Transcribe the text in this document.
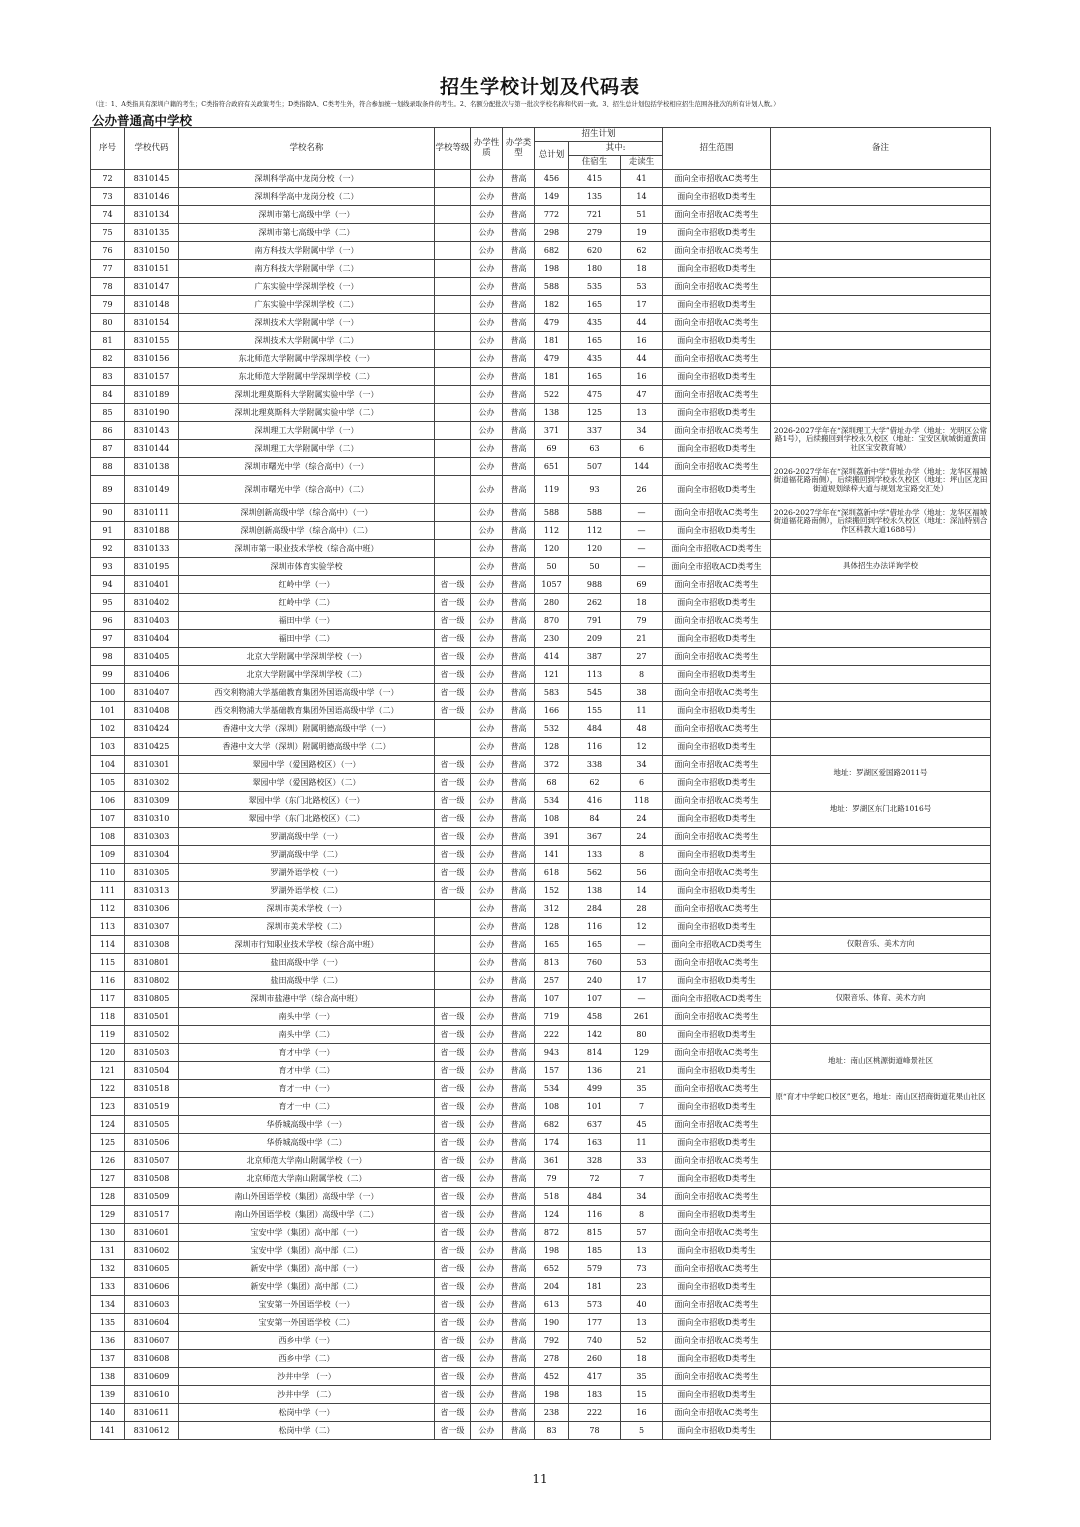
招生学校计划及代码表
（注：1、A类指具有深圳户籍的考生；C类指符合政府有关政策考生；D类指除A、C类考生外，符合参加统一划线录取条件的考生。2、名额分配批次与第一批次学校名称和代码一致。3、招生总计划包括学校相应招生范围各批次的所有计划人数。）
公办普通高中学校
序号	学校代码	学校名称	学校等级	办学性质	办学类型	招生计划			招生范围	备注
						总计划	其中:			
							住宿生	走读生		
72	8310145	深圳科学高中龙岗分校（一）		公办	普高	456	415	41	面向全市招收AC类考生	
73	8310146	深圳科学高中龙岗分校（二）		公办	普高	149	135	14	面向全市招收D类考生	
74	8310134	深圳市第七高级中学（一）		公办	普高	772	721	51	面向全市招收AC类考生	
75	8310135	深圳市第七高级中学（二）		公办	普高	298	279	19	面向全市招收D类考生	
76	8310150	南方科技大学附属中学（一）		公办	普高	682	620	62	面向全市招收AC类考生	
77	8310151	南方科技大学附属中学（二）		公办	普高	198	180	18	面向全市招收D类考生	
78	8310147	广东实验中学深圳学校（一）		公办	普高	588	535	53	面向全市招收AC类考生	
79	8310148	广东实验中学深圳学校（二）		公办	普高	182	165	17	面向全市招收D类考生	
80	8310154	深圳技术大学附属中学（一）		公办	普高	479	435	44	面向全市招收AC类考生	
81	8310155	深圳技术大学附属中学（二）		公办	普高	181	165	16	面向全市招收D类考生	
82	8310156	东北师范大学附属中学深圳学校（一）		公办	普高	479	435	44	面向全市招收AC类考生	
83	8310157	东北师范大学附属中学深圳学校（二）		公办	普高	181	165	16	面向全市招收D类考生	
84	8310189	深圳北理莫斯科大学附属实验中学（一）		公办	普高	522	475	47	面向全市招收AC类考生	
85	8310190	深圳北理莫斯科大学附属实验中学（二）		公办	普高	138	125	13	面向全市招收D类考生	
86	8310143	深圳理工大学附属中学（一）		公办	普高	371	337	34	面向全市招收AC类考生	2026-2027学年在“深圳理工大学”借址办学（地址：光明区公常路1号），后续搬回到学校永久校区（地址：宝安区航城街道黄田社区宝安教育城）
87	8310144	深圳理工大学附属中学（二）		公办	普高	69	63	6	面向全市招收D类考生	
88	8310138	深圳市曙光中学（综合高中）（一）		公办	普高	651	507	144	面向全市招收AC类考生	2026-2027学年在“深圳荔新中学”借址办学（地址：龙华区福城街道福花路南侧），后续搬回到学校永久校区（地址：坪山区龙田街道规划绿梓大道与规划龙宝路交汇处）
89	8310149	深圳市曙光中学（综合高中）（二）		公办	普高	119	93	26	面向全市招收D类考生	
90	8310111	深圳创新高级中学（综合高中）（一）		公办	普高	588	588	—	面向全市招收AC类考生	2026-2027学年在“深圳荔新中学”借址办学（地址：龙华区福城街道福花路南侧），后续搬回到学校永久校区（地址：深汕特别合作区科教大道1688号）
91	8310188	深圳创新高级中学（综合高中）（二）		公办	普高	112	112	—	面向全市招收D类考生	
92	8310133	深圳市第一职业技术学校（综合高中班）		公办	普高	120	120	—	面向全市招收ACD类考生	
93	8310195	深圳市体育实验学校		公办	普高	50	50	—	面向全市招收ACD类考生	具体招生办法详询学校
94	8310401	红岭中学（一）	省一级	公办	普高	1057	988	69	面向全市招收AC类考生	
95	8310402	红岭中学（二）	省一级	公办	普高	280	262	18	面向全市招收D类考生	
96	8310403	福田中学（一）	省一级	公办	普高	870	791	79	面向全市招收AC类考生	
97	8310404	福田中学（二）	省一级	公办	普高	230	209	21	面向全市招收D类考生	
98	8310405	北京大学附属中学深圳学校（一）	省一级	公办	普高	414	387	27	面向全市招收AC类考生	
99	8310406	北京大学附属中学深圳学校（二）	省一级	公办	普高	121	113	8	面向全市招收D类考生	
100	8310407	西交利物浦大学基础教育集团外国语高级中学（一）	省一级	公办	普高	583	545	38	面向全市招收AC类考生	
101	8310408	西交利物浦大学基础教育集团外国语高级中学（二）	省一级	公办	普高	166	155	11	面向全市招收D类考生	
102	8310424	香港中文大学（深圳）附属明德高级中学（一）		公办	普高	532	484	48	面向全市招收AC类考生	
103	8310425	香港中文大学（深圳）附属明德高级中学（二）		公办	普高	128	116	12	面向全市招收D类考生	
104	8310301	翠园中学（爱国路校区）（一）	省一级	公办	普高	372	338	34	面向全市招收AC类考生	地址：罗湖区爱国路2011号
105	8310302	翠园中学（爱国路校区）（二）	省一级	公办	普高	68	62	6	面向全市招收D类考生	
106	8310309	翠园中学（东门北路校区）（一）	省一级	公办	普高	534	416	118	面向全市招收AC类考生	地址：罗湖区东门北路1016号
107	8310310	翠园中学（东门北路校区）（二）	省一级	公办	普高	108	84	24	面向全市招收D类考生	
108	8310303	罗湖高级中学（一）	省一级	公办	普高	391	367	24	面向全市招收AC类考生	
109	8310304	罗湖高级中学（二）	省一级	公办	普高	141	133	8	面向全市招收D类考生	
110	8310305	罗湖外语学校（一）	省一级	公办	普高	618	562	56	面向全市招收AC类考生	
111	8310313	罗湖外语学校（二）	省一级	公办	普高	152	138	14	面向全市招收D类考生	
112	8310306	深圳市美术学校（一）		公办	普高	312	284	28	面向全市招收AC类考生	
113	8310307	深圳市美术学校（二）		公办	普高	128	116	12	面向全市招收D类考生	
114	8310308	深圳市行知职业技术学校（综合高中班）		公办	普高	165	165	—	面向全市招收ACD类考生	仅限音乐、美术方向
115	8310801	盐田高级中学（一）		公办	普高	813	760	53	面向全市招收AC类考生	
116	8310802	盐田高级中学（二）		公办	普高	257	240	17	面向全市招收D类考生	
117	8310805	深圳市盐港中学（综合高中班）		公办	普高	107	107	—	面向全市招收ACD类考生	仅限音乐、体育、美术方向
118	8310501	南头中学（一）	省一级	公办	普高	719	458	261	面向全市招收AC类考生	
119	8310502	南头中学（二）	省一级	公办	普高	222	142	80	面向全市招收D类考生	
120	8310503	育才中学（一）	省一级	公办	普高	943	814	129	面向全市招收AC类考生	地址：南山区桃源街道峰景社区
121	8310504	育才中学（二）	省一级	公办	普高	157	136	21	面向全市招收D类考生	
122	8310518	育才一中（一）	省一级	公办	普高	534	499	35	面向全市招收AC类考生	原“育才中学蛇口校区”更名，地址：南山区招商街道花果山社区
123	8310519	育才一中（二）	省一级	公办	普高	108	101	7	面向全市招收D类考生	
124	8310505	华侨城高级中学（一）	省一级	公办	普高	682	637	45	面向全市招收AC类考生	
125	8310506	华侨城高级中学（二）	省一级	公办	普高	174	163	11	面向全市招收D类考生	
126	8310507	北京师范大学南山附属学校（一）	省一级	公办	普高	361	328	33	面向全市招收AC类考生	
127	8310508	北京师范大学南山附属学校（二）	省一级	公办	普高	79	72	7	面向全市招收D类考生	
128	8310509	南山外国语学校（集团）高级中学（一）	省一级	公办	普高	518	484	34	面向全市招收AC类考生	
129	8310517	南山外国语学校（集团）高级中学（二）	省一级	公办	普高	124	116	8	面向全市招收D类考生	
130	8310601	宝安中学（集团）高中部（一）	省一级	公办	普高	872	815	57	面向全市招收AC类考生	
131	8310602	宝安中学（集团）高中部（二）	省一级	公办	普高	198	185	13	面向全市招收D类考生	
132	8310605	新安中学（集团）高中部（一）	省一级	公办	普高	652	579	73	面向全市招收AC类考生	
133	8310606	新安中学（集团）高中部（二）	省一级	公办	普高	204	181	23	面向全市招收D类考生	
134	8310603	宝安第一外国语学校（一）	省一级	公办	普高	613	573	40	面向全市招收AC类考生	
135	8310604	宝安第一外国语学校（二）	省一级	公办	普高	190	177	13	面向全市招收D类考生	
136	8310607	西乡中学（一）	省一级	公办	普高	792	740	52	面向全市招收AC类考生	
137	8310608	西乡中学（二）	省一级	公办	普高	278	260	18	面向全市招收D类考生	
138	8310609	沙井中学 （一）	省一级	公办	普高	452	417	35	面向全市招收AC类考生	
139	8310610	沙井中学 （二）	省一级	公办	普高	198	183	15	面向全市招收D类考生	
140	8310611	松岗中学（一）	省一级	公办	普高	238	222	16	面向全市招收AC类考生	
141	8310612	松岗中学（二）	省一级	公办	普高	83	78	5	面向全市招收D类考生	
11
